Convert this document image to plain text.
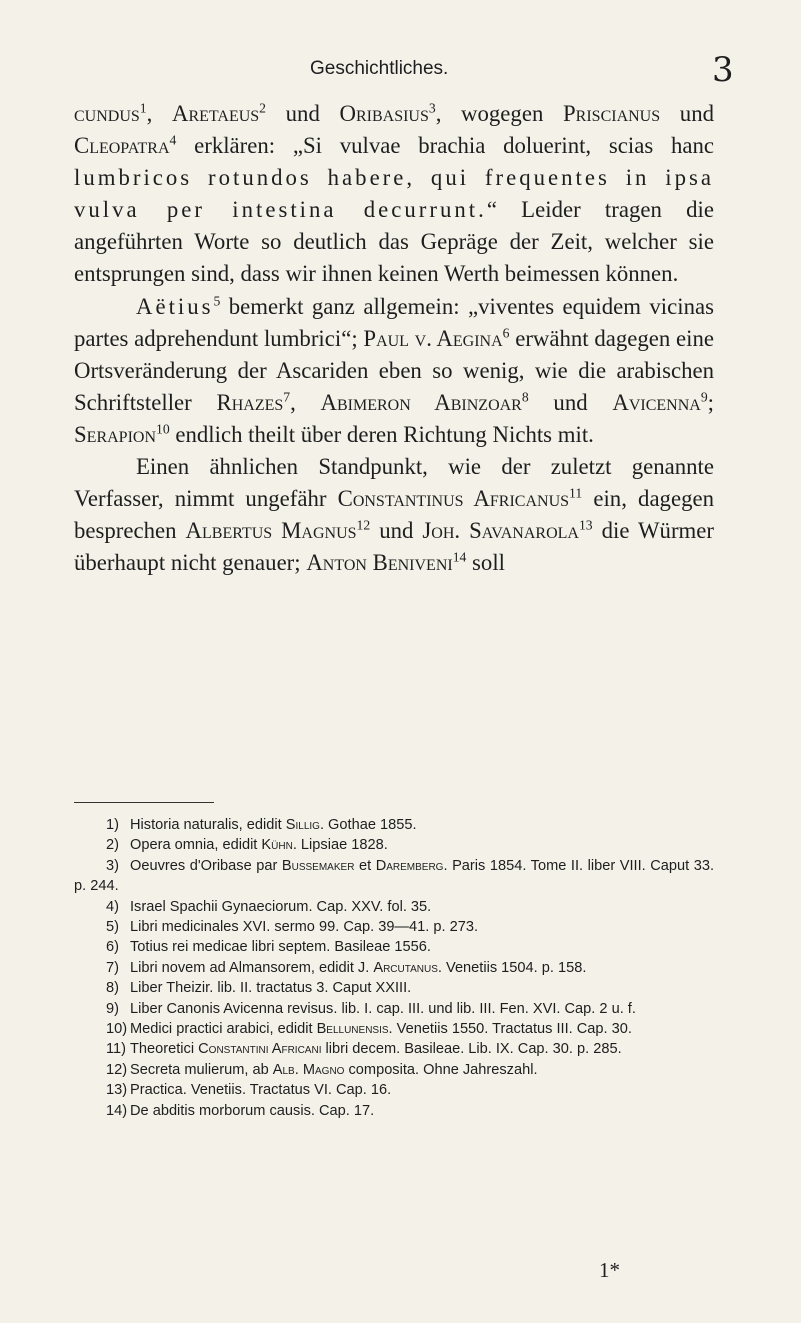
Geschichtliches.	3

cundus$^1$, Aretaeus$^2$ und Oribasius$^3$, wogegen Priscianus und Cleopatra$^4$ erklären: „Si vulvae brachia doluerint, scias hanc lumbricos rotundos habere, qui frequentes in ipsa vulva per intestina decurrunt.“ Leider tragen die angeführten Worte so deutlich das Gepräge der Zeit, welcher sie entsprungen sind, dass wir ihnen keinen Werth beimessen können.

Aëtius$^5$ bemerkt ganz allgemein: „viventes equidem vicinas partes adprehendunt lumbrici“; Paul v. Aegina$^6$ erwähnt dagegen eine Ortsveränderung der Ascariden eben so wenig, wie die arabischen Schriftsteller Rhazes$^7$, Abimeron Abinzoar$^8$ und Avicenna$^9$; Serapion$^{10}$ endlich theilt über deren Richtung Nichts mit.

Einen ähnlichen Standpunkt, wie der zuletzt genannte Verfasser, nimmt ungefähr Constantinus Africanus$^{11}$ ein, dagegen besprechen Albertus Magnus$^{12}$ und Joh. Savanarola$^{13}$ die Würmer überhaupt nicht genauer; Anton Beniveni$^{14}$ soll

1) Historia naturalis, edidit Sillig. Gothae 1855.
2) Opera omnia, edidit Kühn. Lipsiae 1828.
3) Oeuvres d'Oribase par Bussemaker et Daremberg. Paris 1854. Tome II. liber VIII. Caput 33. p. 244.
4) Israel Spachii Gynaeciorum. Cap. XXV. fol. 35.
5) Libri medicinales XVI. sermo 99. Cap. 39—41. p. 273.
6) Totius rei medicae libri septem. Basileae 1556.
7) Libri novem ad Almansorem, edidit J. Arcutanus. Venetiis 1504. p. 158.
8) Liber Theizir. lib. II. tractatus 3. Caput XXIII.
9) Liber Canonis Avicenna revisus. lib. I. cap. III. und lib. III. Fen. XVI. Cap. 2 u. f.
10) Medici practici arabici, edidit Bellunensis. Venetiis 1550. Tractatus III. Cap. 30.
11) Theoretici Constantini Africani libri decem. Basileae. Lib. IX. Cap. 30. p. 285.
12) Secreta mulierum, ab Alb. Magno composita. Ohne Jahreszahl.
13) Practica. Venetiis. Tractatus VI. Cap. 16.
14) De abditis morborum causis. Cap. 17.
1*
